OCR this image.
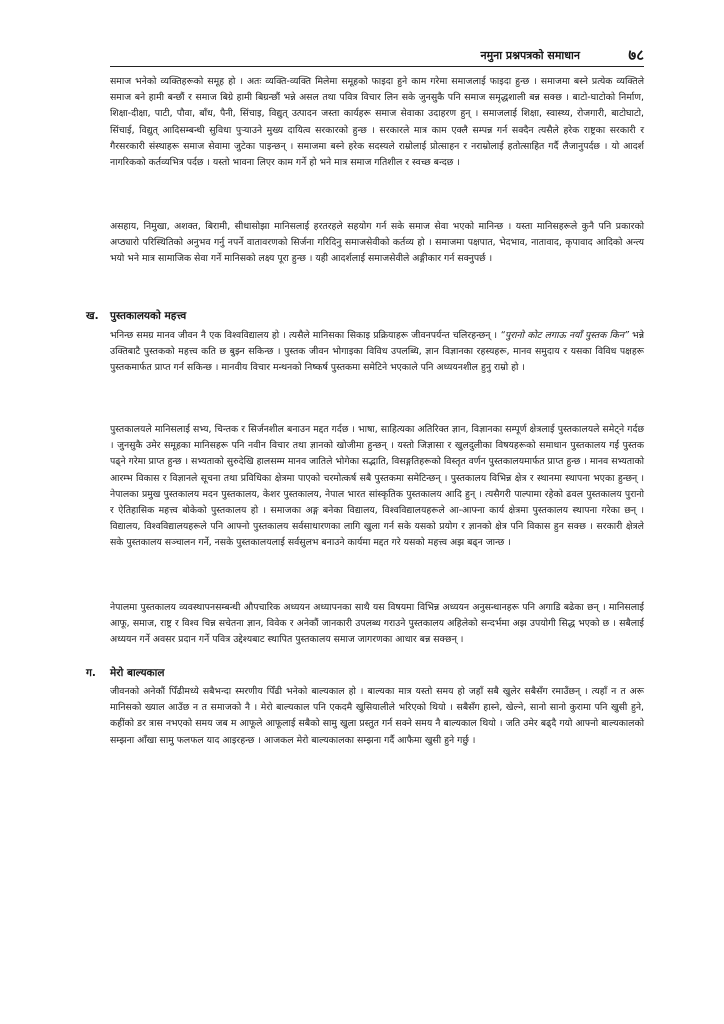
नमुना प्रश्नपत्रको समाधान	७८

समाज भनेको व्यक्तिहरूको समूह हो । अतः व्यक्ति-व्यक्ति मिलेमा समूहको फाइदा हुने काम गरेमा समाजलाई फाइदा हुन्छ । समाजमा बस्ने प्रत्येक व्यक्तिले समाज बने हामी बन्छौं र समाज बिग्रे हामी बिग्रन्छौं भन्ने असल तथा पवित्र विचार लिन सके जुनसुकै पनि समाज समृद्धशाली बन्न सक्छ । बाटो-घाटोको निर्माण, शिक्षा-दीक्षा, पाटी, पौवा, बाँध, पैनी, सिंचाइ, विद्युत् उत्पादन जस्ता कार्यहरू समाज सेवाका उदाहरण हुन् । समाजलाई शिक्षा, स्वास्थ्य, रोजगारी, बाटोघाटो, सिंचाई, विद्युत् आदिसम्बन्धी सुविधा पुऱ्याउने मुख्य दायित्व सरकारको हुन्छ । सरकारले मात्र काम एक्लै सम्पन्न गर्न सक्दैन त्यसैले हरेक राष्ट्रका सरकारी र गैरसरकारी संस्थाहरू समाज सेवामा जुटेका पाइन्छन् । समाजमा बस्ने हरेक सदस्यले राम्रोलाई प्रोत्साहन र नराम्रोलाई हतोत्साहित गर्दै लैजानुपर्दछ । यो आदर्श नागरिकको कर्तव्यभित्र पर्दछ । यस्तो भावना लिएर काम गर्ने हो भने मात्र समाज गतिशील र स्वच्छ बन्दछ ।

असहाय, निमुखा, अशक्त, बिरामी, सीधासोझा मानिसलाई हरतरहले सहयोग गर्न सके समाज सेवा भएको मानिन्छ । यस्ता मानिसहरूले कुनै पनि प्रकारको अप्ठ्यारो परिस्थितिको अनुभव गर्नु नपर्ने वातावरणको सिर्जना गरिदिनु समाजसेवीको कर्तव्य हो । समाजमा पक्षपात, भेदभाव, नातावाद, कृपावाद आदिको अन्त्य भयो भने मात्र सामाजिक सेवा गर्ने मानिसको लक्ष्य पूरा हुन्छ । यही आदर्शलाई समाजसेवीले अङ्गीकार गर्न सक्नुपर्छ ।

ख. पुस्तकालयको महत्त्व

भनिन्छ समग्र मानव जीवन नै एक विश्वविद्यालय हो । त्यसैले मानिसका सिकाइ प्रक्रियाहरू जीवनपर्यन्त चलिरहन्छन् । “पुरानो कोट लगाऊ नयाँ पुस्तक किन” भन्ने उक्तिबाटै पुस्तकको महत्त्व कति छ बुझ्न सकिन्छ । पुस्तक जीवन भोगाइका विविध उपलब्धि, ज्ञान विज्ञानका रहस्यहरू, मानव समुदाय र यसका विविध पक्षहरू पुस्तकमार्फत प्राप्त गर्न सकिन्छ । मानवीय विचार मन्थनको निष्कर्ष पुस्तकमा समेटिने भएकाले पनि अध्ययनशील हुनु राम्रो हो ।

पुस्तकालयले मानिसलाई सभ्य, चिन्तक र सिर्जनशील बनाउन मद्दत गर्दछ । भाषा, साहित्यका अतिरिक्त ज्ञान, विज्ञानका सम्पूर्ण क्षेत्रलाई पुस्तकालयले समेट्ने गर्दछ । जुनसुकै उमेर समूहका मानिसहरू पनि नवीन विचार तथा ज्ञानको खोजीमा हुन्छन् । यस्तो जिज्ञासा र खुलदुलीका विषयहरूको समाधान पुस्तकालय गई पुस्तक पढ्ने गरेमा प्राप्त हुन्छ । सभ्यताको सुरुदेखि हालसम्म मानव जातिले भोगेका सद्भाति, विसङ्गतिहरूको विस्तृत वर्णन पुस्तकालयमार्फत प्राप्त हुन्छ । मानव सभ्यताको आरम्भ विकास र विज्ञानले सूचना तथा प्रविधिका क्षेत्रमा पाएको चरमोत्कर्ष सबै पुस्तकमा समेटिन्छन् । पुस्तकालय विभिन्न क्षेत्र र स्थानमा स्थापना भएका हुन्छन् । नेपालका प्रमुख पुस्तकालय मदन पुस्तकालय, केशर पुस्तकालय, नेपाल भारत सांस्कृतिक पुस्तकालय आदि हुन् । त्यसैगरी पाल्पामा रहेको ढवल पुस्तकालय पुरानो र ऐतिहासिक महत्त्व बोकेको पुस्तकालय हो । समाजका अङ्ग बनेका विद्यालय, विश्वविद्यालयहरूले आ-आफ्ना कार्य क्षेत्रमा पुस्तकालय स्थापना गरेका छन् । विद्यालय, विश्वविद्यालयहरूले पनि आफ्नो पुस्तकालय सर्वसाधारणका लागि खुला गर्न सके यसको प्रयोग र ज्ञानको क्षेत्र पनि विकास हुन सक्छ । सरकारी क्षेत्रले सके पुस्तकालय सञ्चालन गर्ने, नसके पुस्तकालयलाई सर्वसुलभ बनाउने कार्यमा मद्दत गरे यसको महत्त्व अझ बढ्न जान्छ ।

नेपालमा पुस्तकालय व्यवस्थापनसम्बन्धी औपचारिक अध्ययन अध्यापनका साथै यस विषयमा विभिन्न अध्ययन अनुसन्धानहरू पनि अगाडि बढेका छन् । मानिसलाई आफू, समाज, राष्ट्र र विश्व चिन्न सचेतना ज्ञान, विवेक र अनेकौं जानकारी उपलब्ध गराउने पुस्तकालय अहिलेको सन्दर्भमा अझ उपयोगी सिद्ध भएको छ । सबैलाई अध्ययन गर्ने अवसर प्रदान गर्ने पवित्र उद्देश्यबाट स्थापित पुस्तकालय समाज जागरणका आधार बन्न सक्छन् ।

ग. मेरो बाल्यकाल

जीवनको अनेकौं पिँढीमध्ये सबैभन्दा स्मरणीय पिँढी भनेको बाल्यकाल हो । बाल्यका मात्र यस्तो समय हो जहाँ सबै खुलेर सबैसँग रमाउँछन् । त्यहाँ न त अरू मानिसको ख्याल आउँछ न त समाजको नै । मेरो बाल्यकाल पनि एकदमै खुसियालीले भरिएको थियो । सबैसँग हास्ने, खेल्ने, सानो सानो कुरामा पनि खुसी हुने, कहींको डर त्रास नभएको समय जब म आफूले आफूलाई सबैको सामु खुला प्रस्तुत गर्न सक्ने समय नै बाल्यकाल थियो । जति उमेर बढ्दै गयो आफ्नो बाल्यकालको सम्झना आँखा सामु फलफल याद आइरहन्छ । आजकल मेरो बाल्यकालका सम्झना गर्दै आफैमा खुसी हुने गर्छु ।
